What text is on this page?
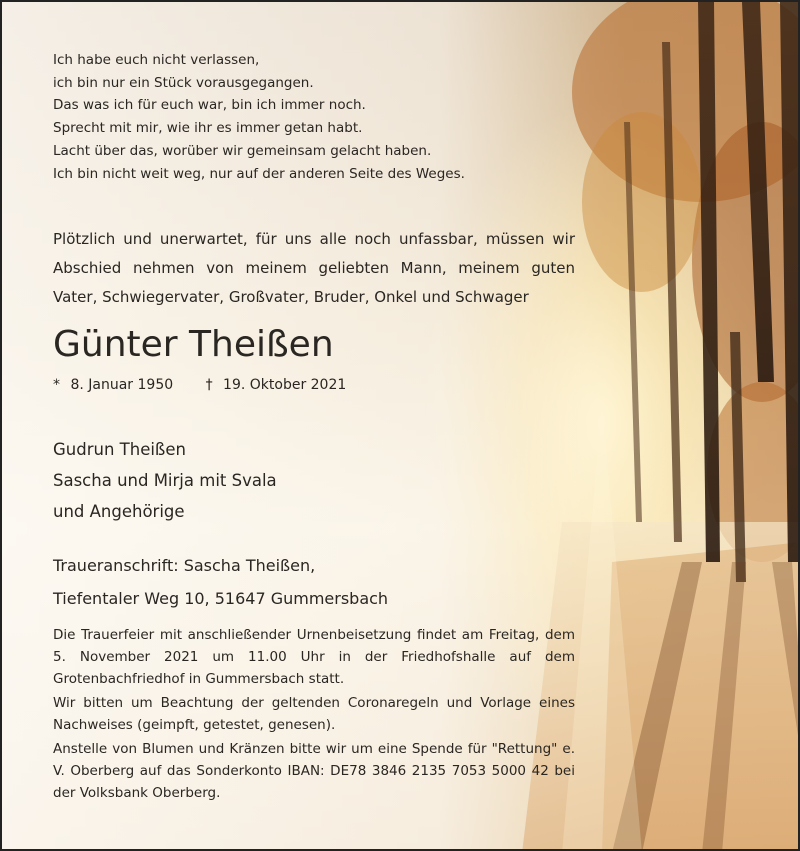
Ich habe euch nicht verlassen,
ich bin nur ein Stück vorausgegangen.
Das was ich für euch war, bin ich immer noch.
Sprecht mit mir, wie ihr es immer getan habt.
Lacht über das, worüber wir gemeinsam gelacht haben.
Ich bin nicht weit weg, nur auf der anderen Seite des Weges.

Plötzlich und unerwartet, für uns alle noch unfassbar, müssen wir Abschied nehmen von meinem geliebten Mann, meinem guten Vater, Schwiegervater, Großvater, Bruder, Onkel und Schwager

Günter Theißen
* 8. Januar 1950 † 19. Oktober 2021
Gudrun Theißen
Sascha und Mirja mit Svala
und Angehörige
Traueranschrift: Sascha Theißen,
Tiefentaler Weg 10, 51647 Gummersbach

Die Trauerfeier mit anschließender Urnenbeisetzung findet am Freitag, dem 5. November 2021 um 11.00 Uhr in der Friedhofshalle auf dem Grotenbachfriedhof in Gummersbach statt.

Wir bitten um Beachtung der geltenden Coronaregeln und Vorlage eines Nachweises (geimpft, getestet, genesen).

Anstelle von Blumen und Kränzen bitte wir um eine Spende für "Rettung" e. V. Oberberg auf das Sonderkonto IBAN: DE78 3846 2135 7053 5000 42 bei der Volksbank Oberberg.
